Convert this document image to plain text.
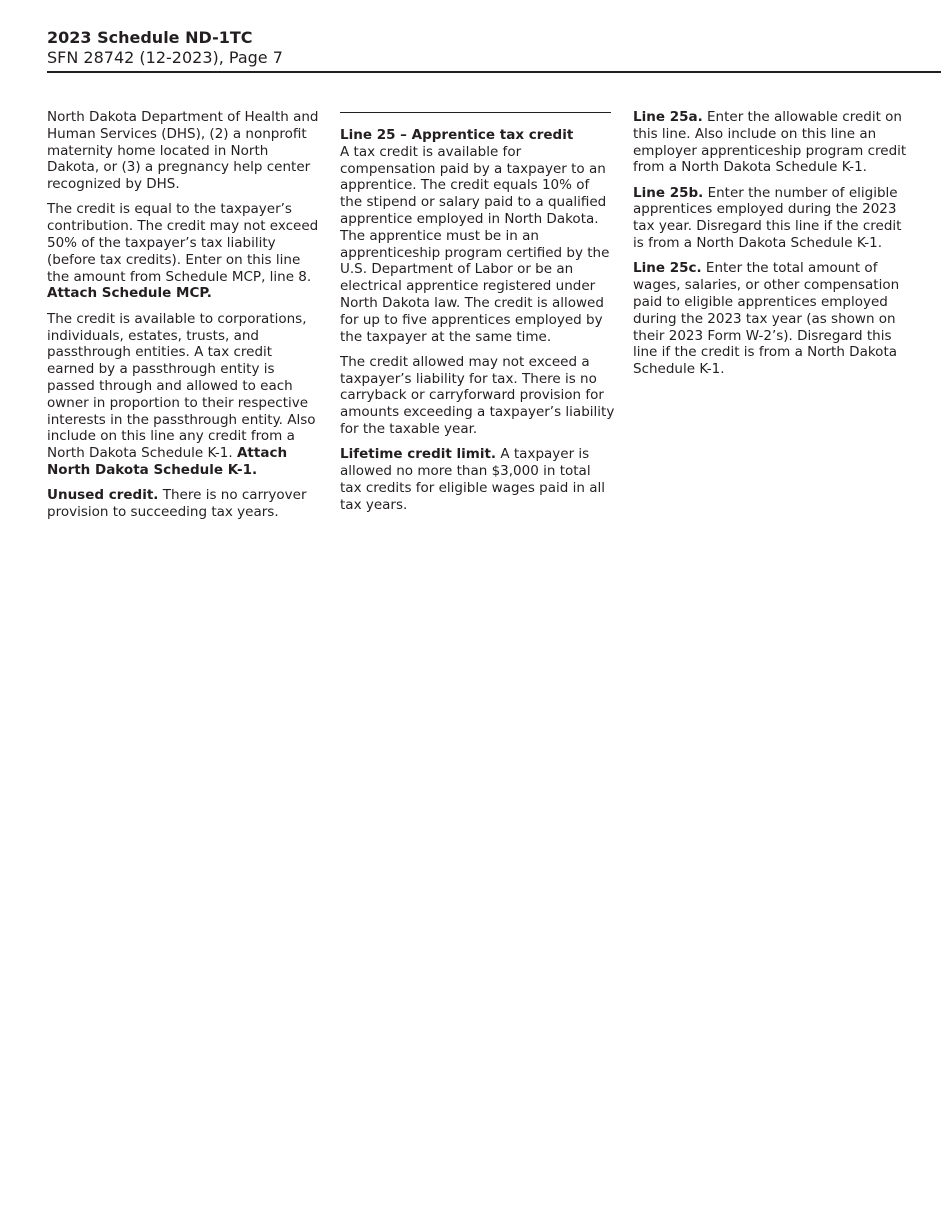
2023 Schedule ND-1TC
SFN 28742 (12-2023), Page 7

North Dakota Department of Health and Human Services (DHS), (2) a nonprofit maternity home located in North Dakota, or (3) a pregnancy help center recognized by DHS.

The credit is equal to the taxpayer’s contribution. The credit may not exceed 50% of the taxpayer’s tax liability (before tax credits). Enter on this line the amount from Schedule MCP, line 8. Attach Schedule MCP.

The credit is available to corporations, individuals, estates, trusts, and passthrough entities. A tax credit earned by a passthrough entity is passed through and allowed to each owner in proportion to their respective interests in the passthrough entity. Also include on this line any credit from a North Dakota Schedule K-1. Attach North Dakota Schedule K-1.

Unused credit. There is no carryover provision to succeeding tax years.

Line 25 – Apprentice tax credit

A tax credit is available for compensation paid by a taxpayer to an apprentice. The credit equals 10% of the stipend or salary paid to a qualified apprentice employed in North Dakota. The apprentice must be in an apprenticeship program certified by the U.S. Department of Labor or be an electrical apprentice registered under North Dakota law. The credit is allowed for up to five apprentices employed by the taxpayer at the same time.

The credit allowed may not exceed a taxpayer’s liability for tax. There is no carryback or carryforward provision for amounts exceeding a taxpayer’s liability for the taxable year.

Lifetime credit limit. A taxpayer is allowed no more than $3,000 in total tax credits for eligible wages paid in all tax years.

Line 25a. Enter the allowable credit on this line. Also include on this line an employer apprenticeship program credit from a North Dakota Schedule K-1.

Line 25b. Enter the number of eligible apprentices employed during the 2023 tax year. Disregard this line if the credit is from a North Dakota Schedule K-1.

Line 25c. Enter the total amount of wages, salaries, or other compensation paid to eligible apprentices employed during the 2023 tax year (as shown on their 2023 Form W-2’s). Disregard this line if the credit is from a North Dakota Schedule K-1.
